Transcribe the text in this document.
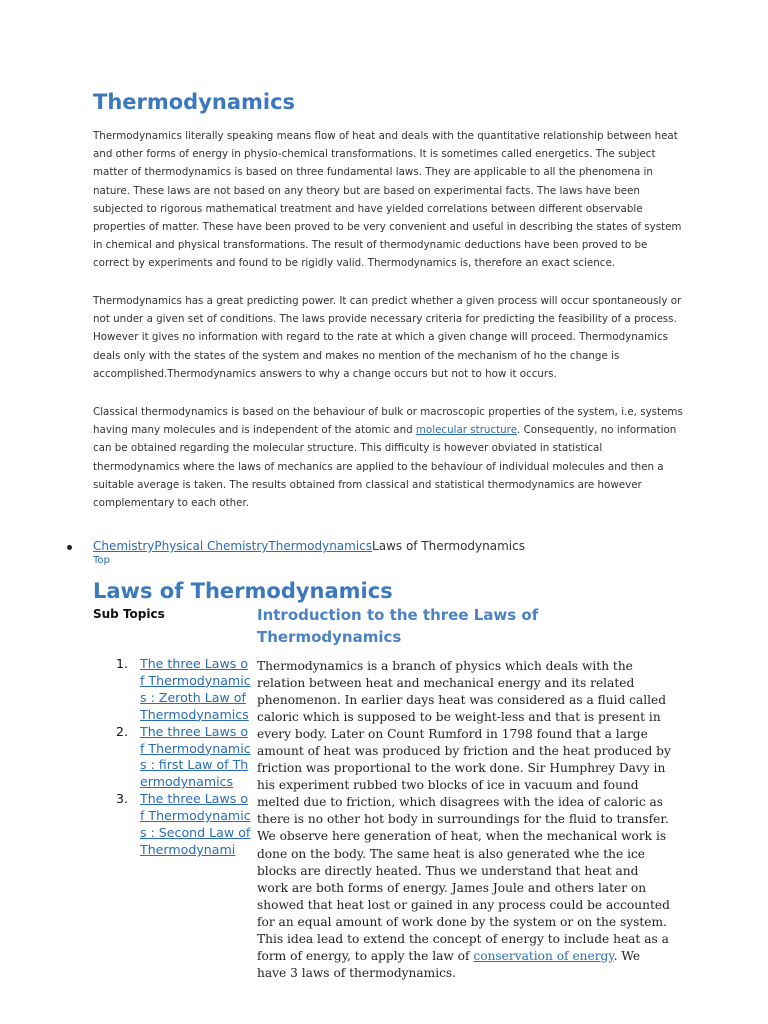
Thermodynamics

Thermodynamics literally speaking means flow of heat and deals with the quantitative relationship between heat and other forms of energy in physio-chemical transformations. It is sometimes called energetics. The subject matter of thermodynamics is based on three fundamental laws. They are applicable to all the phenomena in nature. These laws are not based on any theory but are based on experimental facts. The laws have been subjected to rigorous mathematical treatment and have yielded correlations between different observable properties of matter. These have been proved to be very convenient and useful in describing the states of system in chemical and physical transformations. The result of thermodynamic deductions have been proved to be correct by experiments and found to be rigidly valid. Thermodynamics is, therefore an exact science.

Thermodynamics has a great predicting power. It can predict whether a given process will occur spontaneously or not under a given set of conditions. The laws provide necessary criteria for predicting the feasibility of a process. However it gives no information with regard to the rate at which a given change will proceed. Thermodynamics deals only with the states of the system and makes no mention of the mechanism of ho the change is accomplished.Thermodynamics answers to why a change occurs but not to how it occurs.

Classical thermodynamics is based on the behaviour of bulk or macroscopic properties of the system, i.e, systems having many molecules and is independent of the atomic and molecular structure. Consequently, no information can be obtained regarding the molecular structure. This difficulty is however obviated in statistical thermodynamics where the laws of mechanics are applied to the behaviour of individual molecules and then a suitable average is taken. The results obtained from classical and statistical thermodynamics are however complementary to each other.

ChemistryPhysical ChemistryThermodynamicsLaws of Thermodynamics
Top
Laws of Thermodynamics
Sub Topics
1. The three Laws of Thermodynamics : Zeroth Law of Thermodynamics
2. The three Laws of Thermodynamics : first Law of Thermodynamics
3. The three Laws of Thermodynamics : Second Law of Thermodynami
Introduction to the three Laws of Thermodynamics

Thermodynamics is a branch of physics which deals with the relation between heat and mechanical energy and its related phenomenon. In earlier days heat was considered as a fluid called caloric which is supposed to be weight-less and that is present in every body. Later on Count Rumford in 1798 found that a large amount of heat was produced by friction and the heat produced by friction was proportional to the work done. Sir Humphrey Davy in his experiment rubbed two blocks of ice in vacuum and found melted due to friction, which disagrees with the idea of caloric as there is no other hot body in surroundings for the fluid to transfer. We observe here generation of heat, when the mechanical work is done on the body. The same heat is also generated whe the ice blocks are directly heated. Thus we understand that heat and work are both forms of energy. James Joule and others later on showed that heat lost or gained in any process could be accounted for an equal amount of work done by the system or on the system. This idea lead to extend the concept of energy to include heat as a form of energy, to apply the law of conservation of energy. We have 3 laws of thermodynamics.
